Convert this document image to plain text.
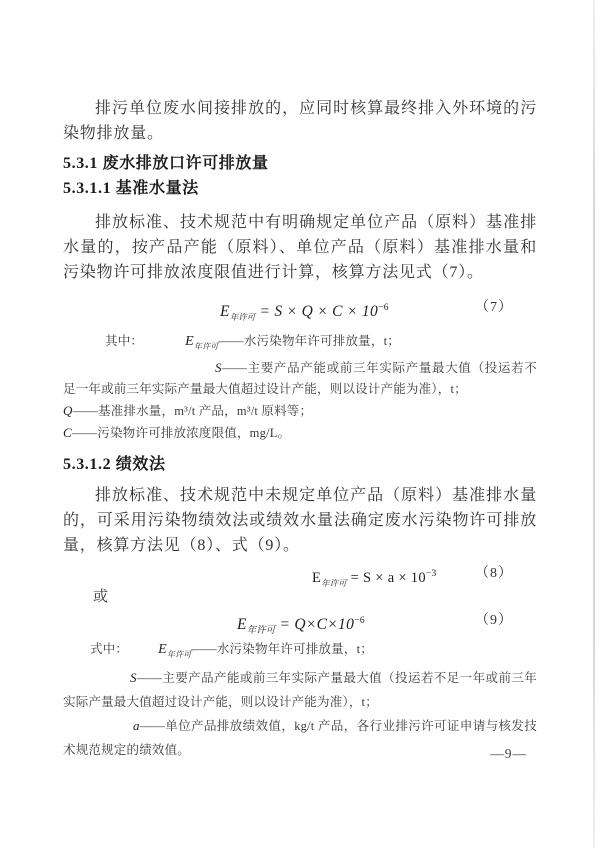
排污单位废水间接排放的，应同时核算最终排入外环境的污染物排放量。

5.3.1 废水排放口许可排放量
5.3.1.1 基准水量法

排放标准、技术规范中有明确规定单位产品（原料）基准排水量的，按产品产能（原料）、单位产品（原料）基准排水量和污染物许可排放浓度限值进行计算，核算方法见式（7）。

$E_{年许可} = S \times Q \times C \times 10^{-6}$	（7）
其中：	$E_{年许可}——$水污染物年许可排放量，t；
S——主要产品产能或前三年实际产量最大值（投运若不足一年或前三年实际产量最大值超过设计产能，则以设计产能为准），t；
Q——基准排水量，m³/t 产品，m³/t 原料等；
C——污染物许可排放浓度限值，mg/L。
5.3.1.2 绩效法

排放标准、技术规范中未规定单位产品（原料）基准排水量的，可采用污染物绩效法或绩效水量法确定废水污染物许可排放量，核算方法见（8）、式（9）。

$E_{年许可} = S \times a \times 10^{-3}$	（8）
或
$E_{年许可} = Q\times C\times 10^{-6}$	（9）
式中： $E_{年许可}——$水污染物年许可排放量，t；
S——主要产品产能或前三年实际产量最大值（投运若不足一年或前三年实际产量最大值超过设计产能，则以设计产能为准），t；
a——单位产品排放绩效值，kg/t 产品，各行业排污许可证申请与核发技术规范规定的绩效值。	—9—
